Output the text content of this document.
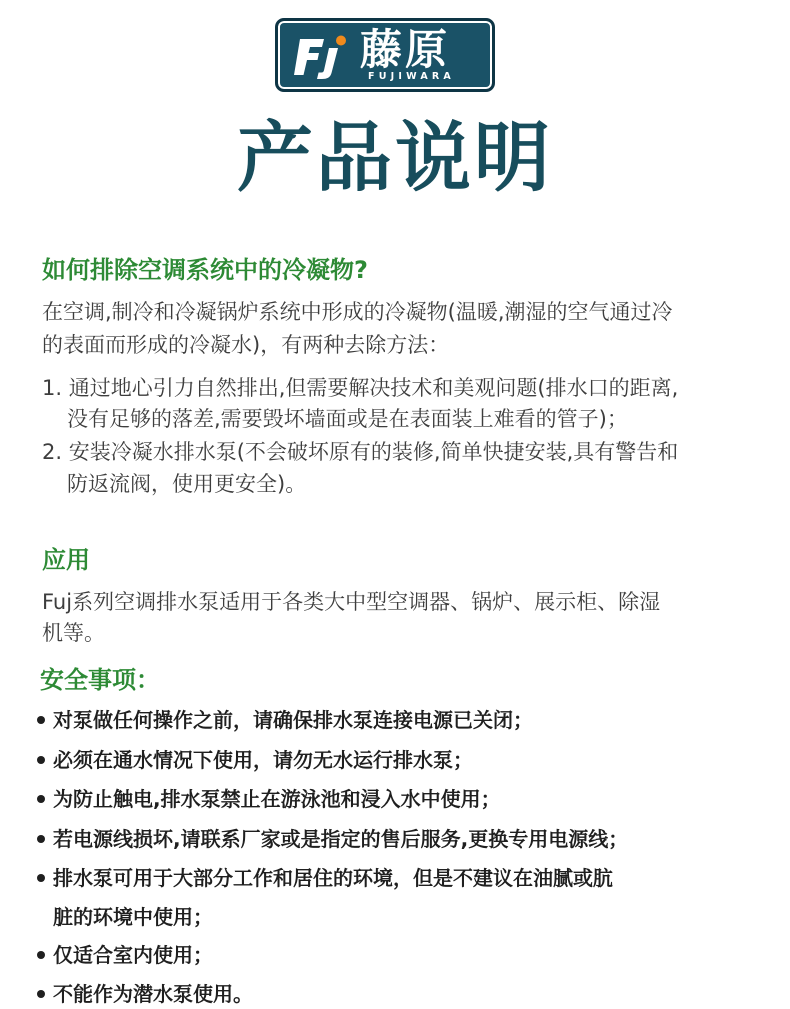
藤原
FUJIWARA
产品说明
如何排除空调系统中的冷凝物?
在空调,制冷和冷凝锅炉系统中形成的冷凝物(温暖,潮湿的空气通过冷
的表面而形成的冷凝水)，有两种去除方法：
1. 通过地心引力自然排出,但需要解决技术和美观问题(排水口的距离,
没有足够的落差,需要毁坏墙面或是在表面装上难看的管子)；
2. 安装冷凝水排水泵(不会破坏原有的装修,简单快捷安装,具有警告和
防返流阀，使用更安全)。
应用
Fuj系列空调排水泵适用于各类大中型空调器、锅炉、展示柜、除湿
机等。
安全事项：
对泵做任何操作之前，请确保排水泵连接电源已关闭；
必须在通水情况下使用，请勿无水运行排水泵；
为防止触电,排水泵禁止在游泳池和浸入水中使用；
若电源线损坏,请联系厂家或是指定的售后服务,更换专用电源线；
排水泵可用于大部分工作和居住的环境，但是不建议在油腻或肮
脏的环境中使用；
仅适合室内使用；
不能作为潜水泵使用。
